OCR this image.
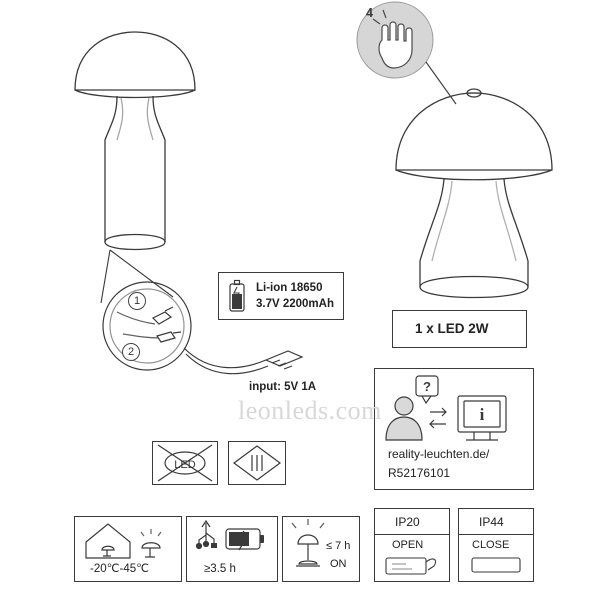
1
2
Li-ion 18650
3.7V 2200mAh
input: 5V 1A
4
1 x LED 2W
?
i
reality-leuchten.de/
R52176101
leonleds.com
LED
-20℃-45℃	≥3.5 h
≤ 7 h
ON
IP20
OPEN
IP44
CLOSE
